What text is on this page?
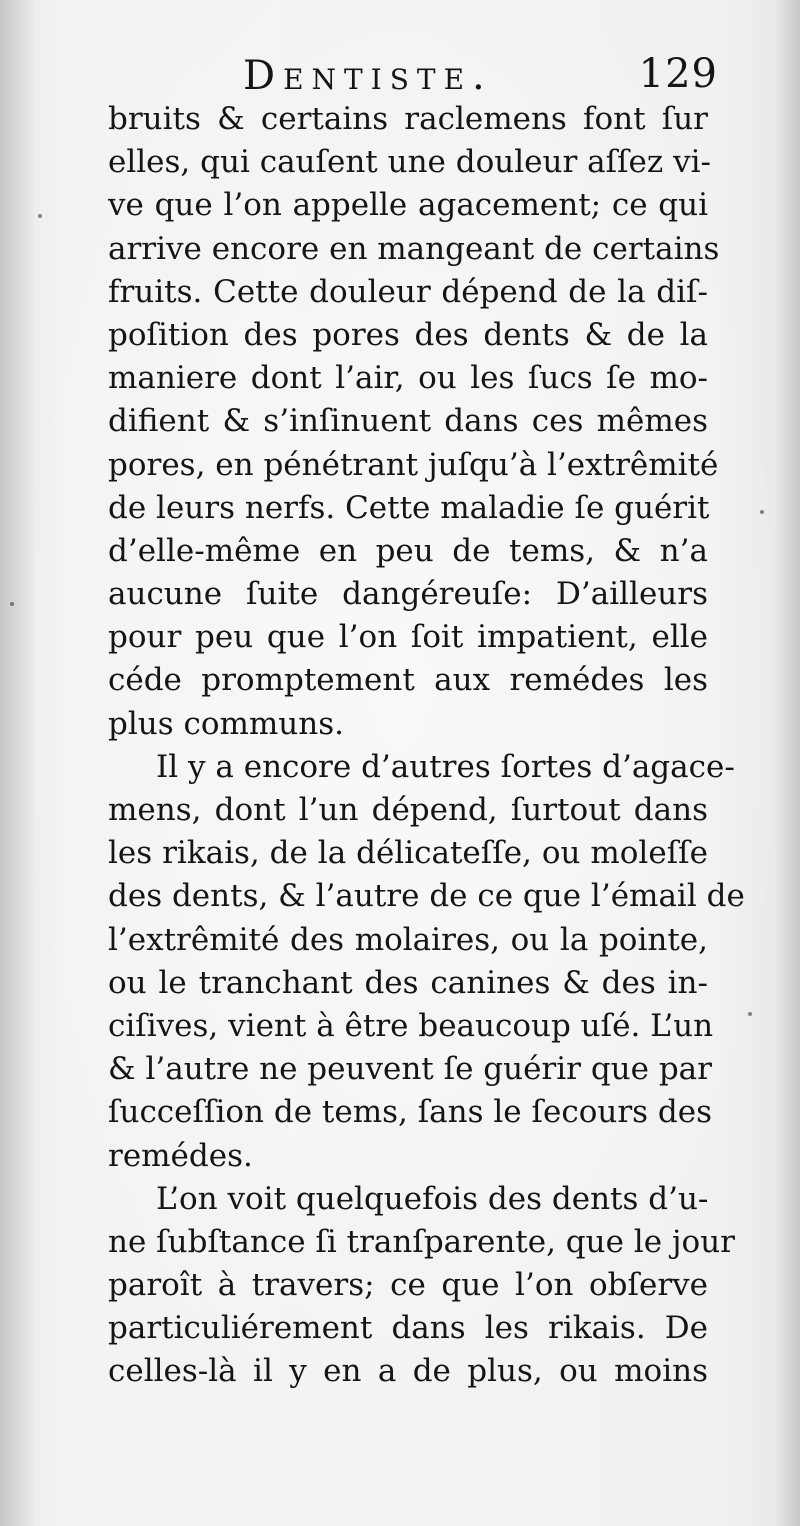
Dentiste.	129
bruits & certains raclemens font ſur
elles, qui cauſent une douleur aſſez vi-
ve que l’on appelle agacement; ce qui
arrive encore en mangeant de certains
fruits. Cette douleur dépend de la diſ-
poſition des pores des dents & de la
maniere dont l’air, ou les ſucs ſe mo-
difient & s’inſinuent dans ces mêmes
pores, en pénétrant juſqu’à l’extrêmité
de leurs nerfs. Cette maladie ſe guérit
d’elle-même en peu de tems, & n’a
aucune ſuite dangéreuſe: D’ailleurs
pour peu que l’on ſoit impatient, elle
céde promptement aux remédes les
plus communs.
Il y a encore d’autres ſortes d’agace-
mens, dont l’un dépend, ſurtout dans
les rikais, de la délicateſſe, ou moleſſe
des dents, & l’autre de ce que l’émail de
l’extrêmité des molaires, ou la pointe,
ou le tranchant des canines & des in-
ciſives, vient à être beaucoup uſé. L’un
& l’autre ne peuvent ſe guérir que par
ſucceſſion de tems, ſans le ſecours des
remédes.
L’on voit quelquefois des dents d’u-
ne ſubſtance ſi tranſparente, que le jour
paroît à travers; ce que l’on obſerve
particuliérement dans les rikais. De
celles-là il y en a de plus, ou moins
